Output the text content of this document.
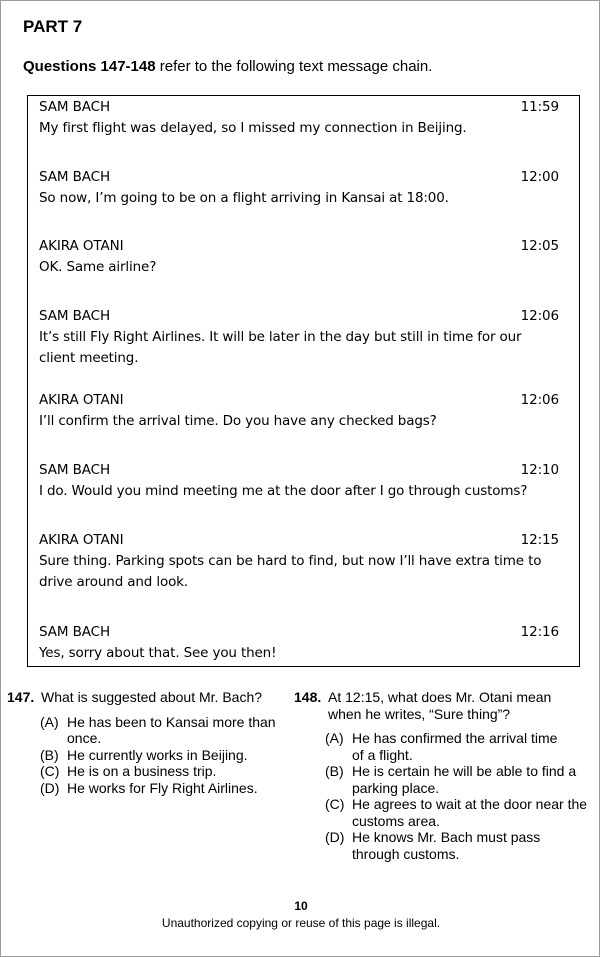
PART 7
Questions 147-148 refer to the following text message chain.
SAM BACH	11:59
My first flight was delayed, so I missed my connection in Beijing.
SAM BACH	12:00
So now, I’m going to be on a flight arriving in Kansai at 18:00.
AKIRA OTANI	12:05
OK. Same airline?
SAM BACH	12:06
It’s still Fly Right Airlines. It will be later in the day but still in time for our client meeting.
AKIRA OTANI	12:06
I’ll confirm the arrival time. Do you have any checked bags?
SAM BACH	12:10
I do. Would you mind meeting me at the door after I go through customs?
AKIRA OTANI	12:15
Sure thing. Parking spots can be hard to find, but now I’ll have extra time to drive around and look.
SAM BACH	12:16
Yes, sorry about that. See you then!
147. What is suggested about Mr. Bach?
(A) He has been to Kansai more than once.
(B) He currently works in Beijing.
(C) He is on a business trip.
(D) He works for Fly Right Airlines.
148. At 12:15, what does Mr. Otani mean when he writes, “Sure thing”?
(A) He has confirmed the arrival time of a flight.
(B) He is certain he will be able to find a parking place.
(C) He agrees to wait at the door near the customs area.
(D) He knows Mr. Bach must pass through customs.
10
Unauthorized copying or reuse of this page is illegal.
